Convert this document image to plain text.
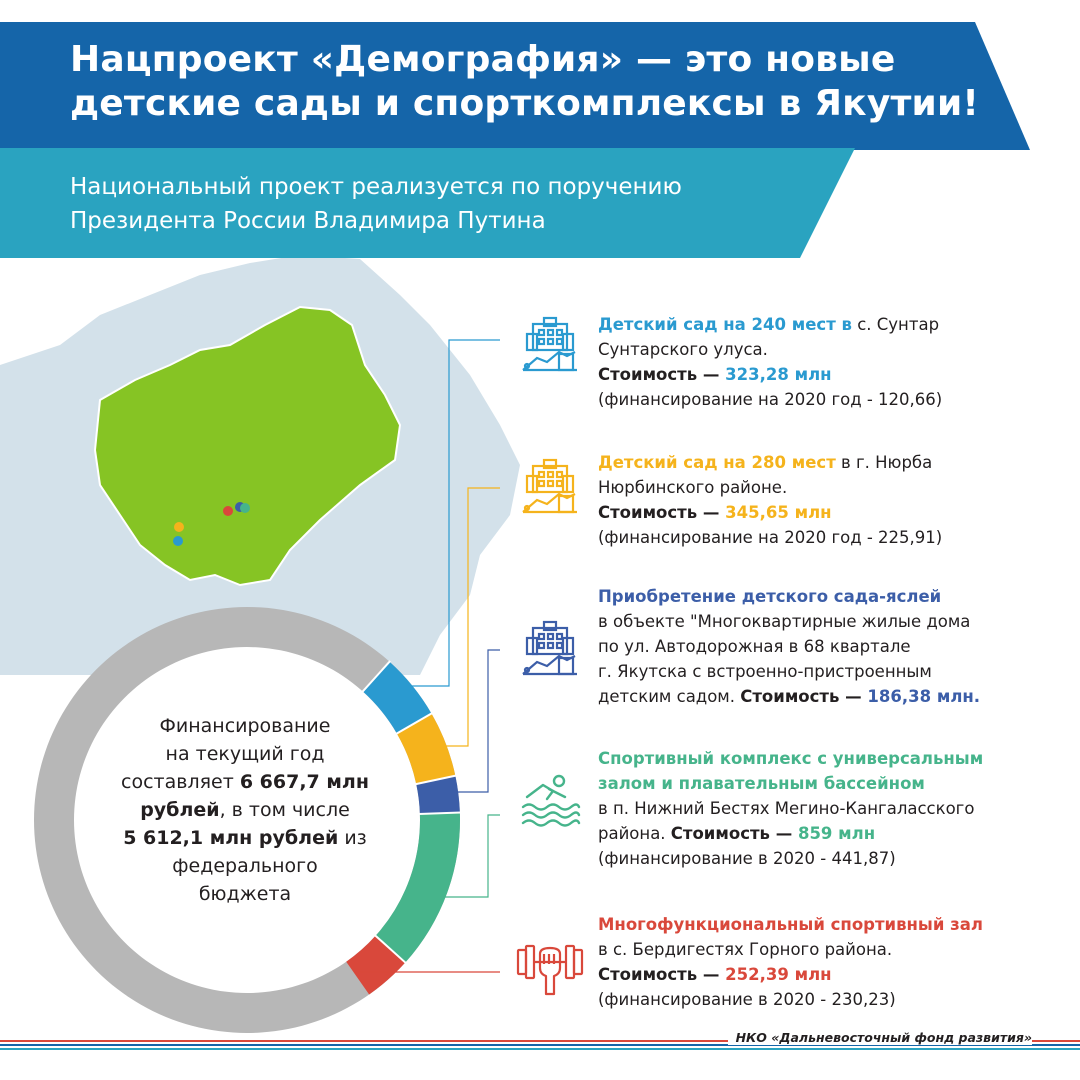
Нацпроект «Демография» — это новые
детские сады и спорткомплексы в Якутии!
Национальный проект реализуется по поручению
Президента России Владимира Путина
Финансирование
на текущий год
составляет 6 667,7 млн
рублей, в том числе
5 612,1 млн рублей из
федерального
бюджета
Детский сад на 240 мест в с. Сунтар
Сунтарского улуса.
Стоимость — 323,28 млн
(финансирование на 2020 год - 120,66)
Детский сад на 280 мест в г. Нюрба
Нюрбинского районе.
Стоимость — 345,65 млн
(финансирование на 2020 год - 225,91)
Приобретение детского сада-яслей
в объекте "Многоквартирные жилые дома
по ул. Автодорожная в 68 квартале
г. Якутска с встроенно-пристроенным
детским садом. Стоимость — 186,38 млн.
Спортивный комплекс с универсальным
залом и плавательным бассейном
в п. Нижний Бестях Мегино-Кангаласского
района. Стоимость — 859 млн
(финансирование в 2020 - 441,87)
Многофункциональный спортивный зал
в с. Бердигестях Горного района.
Стоимость — 252,39 млн
(финансирование в 2020 - 230,23)
НКО «Дальневосточный фонд развития»
